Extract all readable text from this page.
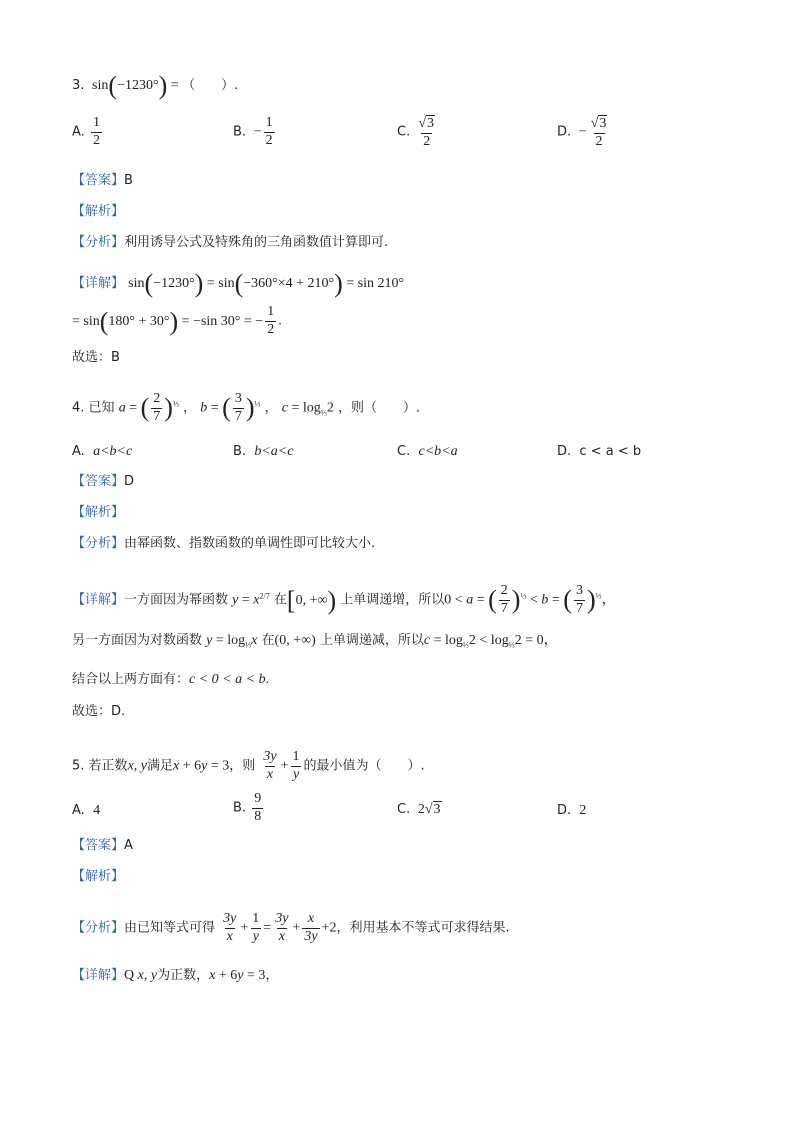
3.  sin(−1230°) = （　　）.
A. $\frac{1}{2}$	B.  − $\frac{1}{2}$	C. $\frac{√3}{2}$	D.  − $\frac{√3}{2}$
【答案】B
【解析】
【分析】利用诱导公式及特殊角的三角函数值计算即可.
【详解】 sin(−1230°) = sin(−360°×4 + 210°) = sin 210°
= sin(180° + 30°) = −sin 30° = − $\frac{1}{2}$ .
故选：B
4. 已知 a = ( $\frac{2}{7} )^{\frac{1}{3}}$ ， b = ( $\frac{3}{7} )^{\frac{1}{3}}$ ， $c = \log_{\frac{1}{3}}2$ ，则（　　）.
A. a<b<c	B. b<a<c	C. c<b<a	D. c < a < b
【答案】D
【解析】
【分析】由幂函数、指数函数的单调性即可比较大小.
【详解】一方面因为幂函数 $y = x^{2/7}$ 在[0, +∞) 上单调递增，所以0 < a = ( $\frac{2}{7} )^{\frac{1}{3}} < b$ = ( $\frac{3}{7} )^{\frac{1}{3}}$，
另一方面因为对数函数 $y = \log_{\frac{1}{3}}x$ 在(0, +∞) 上单调递减，所以$c = \log_{\frac{1}{3}}2 < \log_{\frac{1}{3}}2 = 0$，
结合以上两方面有：c < 0 < a < b.
故选：D.
5. 若正数x, y满足x + 6y = 3，则 $\frac{3y}{x} + \frac{1}{y}$ 的最小值为（　　）.
A. 4	B. $\frac{9}{8}$	C.  2√3	D. 2
【答案】A
【解析】
【分析】由已知等式可得 $\frac{3y}{x} + \frac{1}{y} = \frac{3y}{x} + \frac{x}{3y} +2$，利用基本不等式可求得结果.
【详解】Q x, y为正数，x + 6y = 3，
